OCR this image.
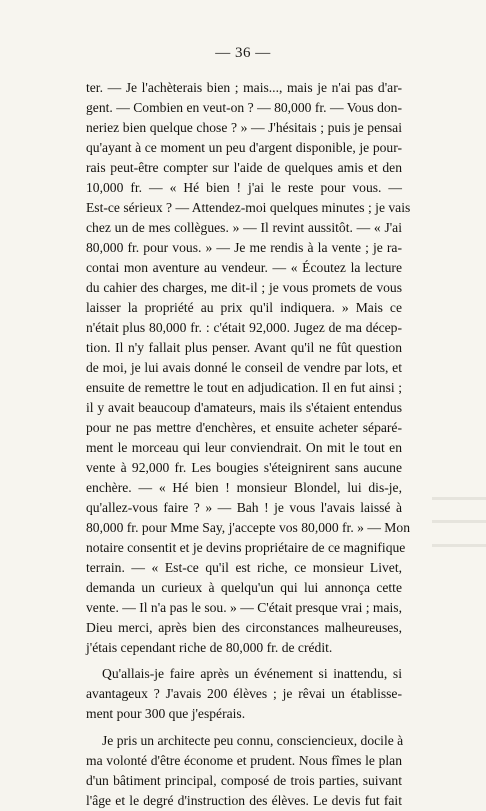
— 36 —
ter. — Je l'achèterais bien ; mais..., mais je n'ai pas d'ar-
gent. — Combien en veut-on ? — 80,000 fr. — Vous don-
neriez bien quelque chose ? » — J'hésitais ; puis je pensai
qu'ayant à ce moment un peu d'argent disponible, je pour-
rais peut-être compter sur l'aide de quelques amis et den
10,000 fr. — « Hé bien ! j'ai le reste pour vous. —
Est-ce sérieux ? — Attendez-moi quelques minutes ; je vais
chez un de mes collègues. » — Il revint aussitôt. — « J'ai
80,000 fr. pour vous. » — Je me rendis à la vente ; je ra-
contai mon aventure au vendeur. — « Écoutez la lecture
du cahier des charges, me dit-il ; je vous promets de vous
laisser la propriété au prix qu'il indiquera. » Mais ce
n'était plus 80,000 fr. : c'était 92,000. Jugez de ma décep-
tion. Il n'y fallait plus penser. Avant qu'il ne fût question
de moi, je lui avais donné le conseil de vendre par lots, et
ensuite de remettre le tout en adjudication. Il en fut ainsi ;
il y avait beaucoup d'amateurs, mais ils s'étaient entendus
pour ne pas mettre d'enchères, et ensuite acheter séparé-
ment le morceau qui leur conviendrait. On mit le tout en
vente à 92,000 fr. Les bougies s'éteignirent sans aucune
enchère. — « Hé bien ! monsieur Blondel, lui dis-je,
qu'allez-vous faire ? » — Bah ! je vous l'avais laissé à
80,000 fr. pour Mme Say, j'accepte vos 80,000 fr. » — Mon
notaire consentit et je devins propriétaire de ce magnifique
terrain. — « Est-ce qu'il est riche, ce monsieur Livet,
demanda un curieux à quelqu'un qui lui annonça cette
vente. — Il n'a pas le sou. » — C'était presque vrai ; mais,
Dieu merci, après bien des circonstances malheureuses,
j'étais cependant riche de 80,000 fr. de crédit.
Qu'allais-je faire après un événement si inattendu, si
avantageux ? J'avais 200 élèves ; je rêvai un établisse-
ment pour 300 que j'espérais.
Je pris un architecte peu connu, consciencieux, docile à
ma volonté d'être économe et prudent. Nous fîmes le plan
d'un bâtiment principal, composé de trois parties, suivant
l'âge et le degré d'instruction des élèves. Le devis fut fait
